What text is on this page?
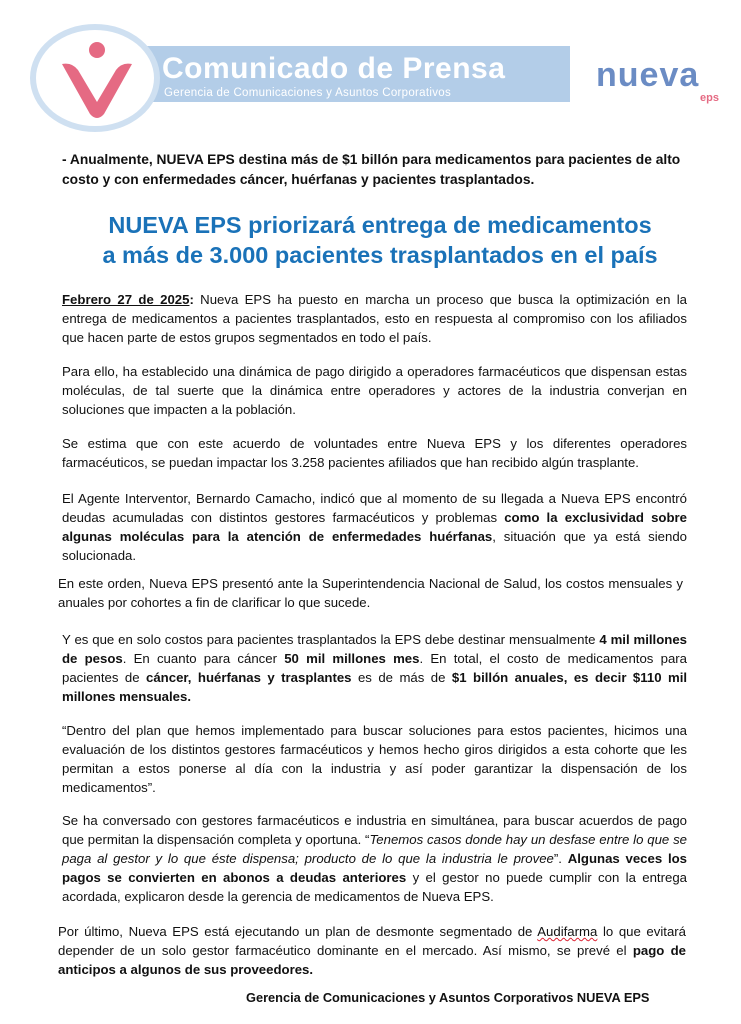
Comunicado de Prensa
Gerencia de Comunicaciones y Asuntos Corporativos	nueva
eps
- Anualmente, NUEVA EPS destina más de $1 billón para medicamentos para pacientes de alto costo y con enfermedades cáncer, huérfanas y pacientes trasplantados.
NUEVA EPS priorizará entrega de medicamentos
a más de 3.000 pacientes trasplantados en el país
Febrero 27 de 2025: Nueva EPS ha puesto en marcha un proceso que busca la optimización en la entrega de medicamentos a pacientes trasplantados, esto en respuesta al compromiso con los afiliados que hacen parte de estos grupos segmentados en todo el país.
Para ello, ha establecido una dinámica de pago dirigido a operadores farmacéuticos que dispensan estas moléculas, de tal suerte que la dinámica entre operadores y actores de la industria converjan en soluciones que impacten a la población.
Se estima que con este acuerdo de voluntades entre Nueva EPS y los diferentes operadores farmacéuticos, se puedan impactar los 3.258 pacientes afiliados que han recibido algún trasplante.
El Agente Interventor, Bernardo Camacho, indicó que al momento de su llegada a Nueva EPS encontró deudas acumuladas con distintos gestores farmacéuticos y problemas como la exclusividad sobre algunas moléculas para la atención de enfermedades huérfanas, situación que ya está siendo solucionada.
En este orden, Nueva EPS presentó ante la Superintendencia Nacional de Salud, los costos mensuales y anuales por cohortes a fin de clarificar lo que sucede.
Y es que en solo costos para pacientes trasplantados la EPS debe destinar mensualmente 4 mil millones de pesos. En cuanto para cáncer 50 mil millones mes. En total, el costo de medicamentos para pacientes de cáncer, huérfanas y trasplantes es de más de $1 billón anuales, es decir $110 mil millones mensuales.
“Dentro del plan que hemos implementado para buscar soluciones para estos pacientes, hicimos una evaluación de los distintos gestores farmacéuticos y hemos hecho giros dirigidos a esta cohorte que les permitan a estos ponerse al día con la industria y así poder garantizar la dispensación de los medicamentos”.
Se ha conversado con gestores farmacéuticos e industria en simultánea, para buscar acuerdos de pago que permitan la dispensación completa y oportuna. “Tenemos casos donde hay un desfase entre lo que se paga al gestor y lo que éste dispensa; producto de lo que la industria le provee”. Algunas veces los pagos se convierten en abonos a deudas anteriores y el gestor no puede cumplir con la entrega acordada, explicaron desde la gerencia de medicamentos de Nueva EPS.
Por último, Nueva EPS está ejecutando un plan de desmonte segmentado de Audifarma lo que evitará depender de un solo gestor farmacéutico dominante en el mercado. Así mismo, se prevé el pago de anticipos a algunos de sus proveedores.
Gerencia de Comunicaciones y Asuntos Corporativos NUEVA EPS
